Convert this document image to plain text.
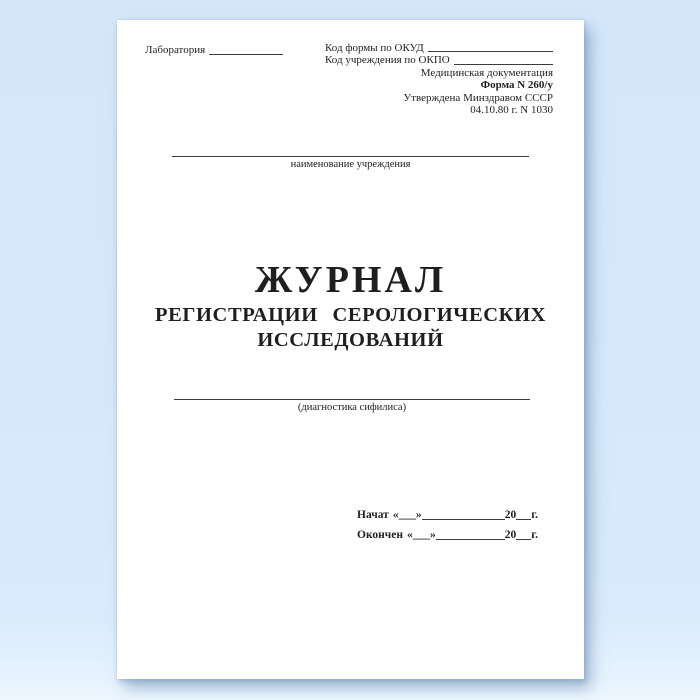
Лаборатория	Код формы по ОКУД
Код учреждения по ОКПО
Медицинская документация
Форма N 260/у
Утверждена Минздравом СССР
04.10.80 г. N 1030
наименование учреждения
ЖУРНАЛ
РЕГИСТРАЦИИ СЕРОЛОГИЧЕСКИХ
ИССЛЕДОВАНИЙ
(диагностика сифилиса)
Начат «___»	20 г.
Окончен «___»	20 г.
